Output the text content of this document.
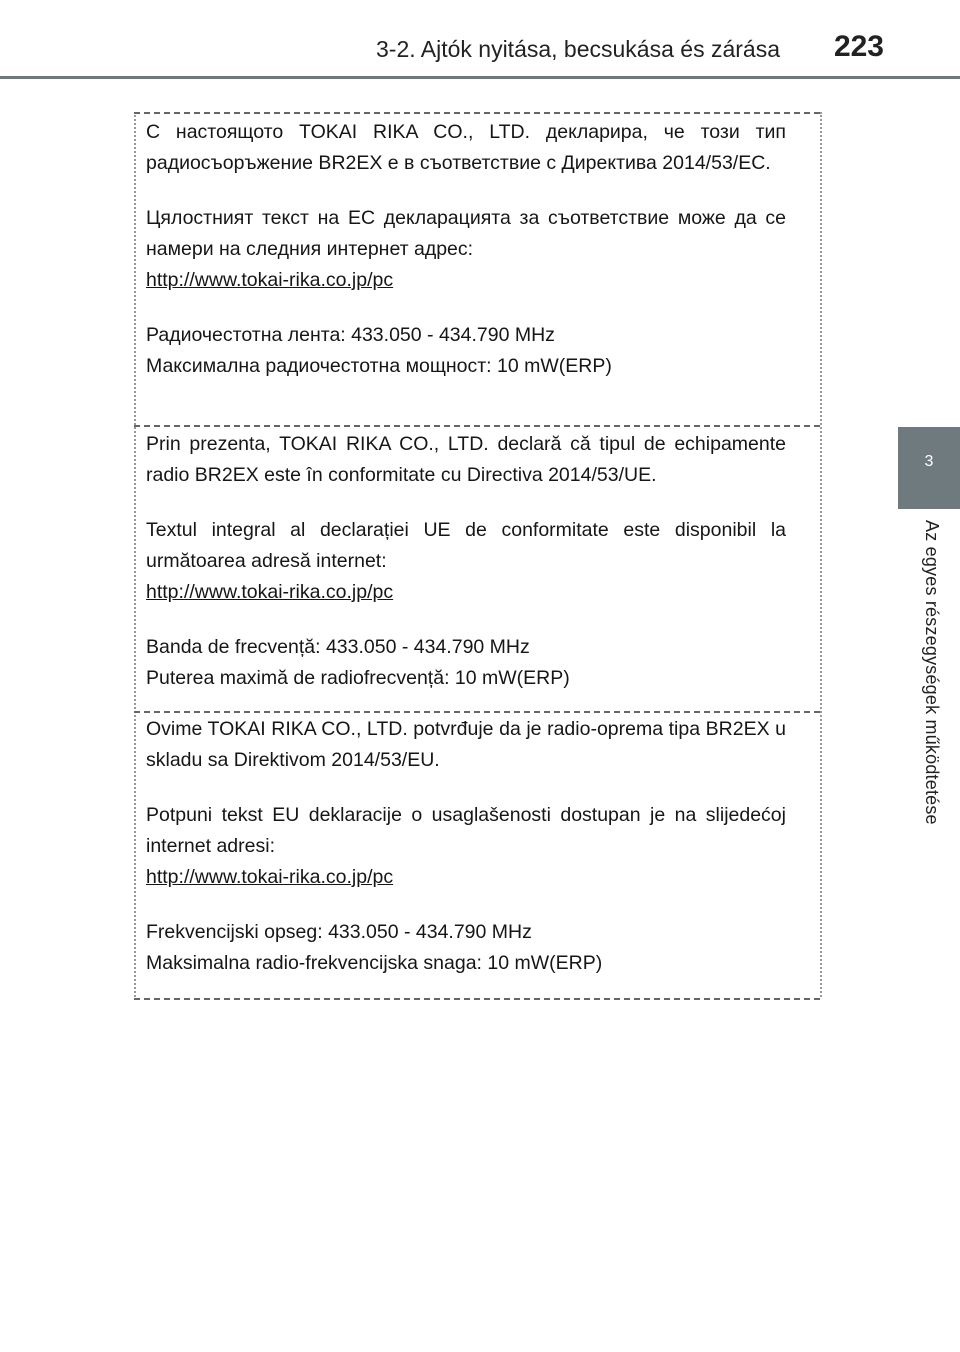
3-2. Ajtók nyitása, becsukása és zárása 223
3
Az egyes részegységek működtetése

С настоящото TOKAI RIKA CO., LTD. декларира, че този тип радиосъоръжение BR2EX е в съответствие с Директива 2014/53/ЕС.

Цялостният текст на ЕС декларацията за съответствие може да се намери на следния интернет адрес:

http://www.tokai-rika.co.jp/pc

Радиочестотна лента: 433.050 - 434.790 MHz

Максимална радиочестотна мощност: 10 mW(ERP)

Prin prezenta, TOKAI RIKA CO., LTD. declară că tipul de echipamente radio BR2EX este în conformitate cu Directiva 2014/53/UE.

Textul integral al declarației UE de conformitate este disponibil la următoarea adresă internet:

http://www.tokai-rika.co.jp/pc

Banda de frecvență: 433.050 - 434.790 MHz

Puterea maximă de radiofrecvență: 10 mW(ERP)

Ovime TOKAI RIKA CO., LTD. potvrđuje da je radio-oprema tipa BR2EX u skladu sa Direktivom 2014/53/EU.

Potpuni tekst EU deklaracije o usaglašenosti dostupan je na slijedećoj internet adresi:

http://www.tokai-rika.co.jp/pc

Frekvencijski opseg: 433.050 - 434.790 MHz

Maksimalna radio-frekvencijska snaga: 10 mW(ERP)
